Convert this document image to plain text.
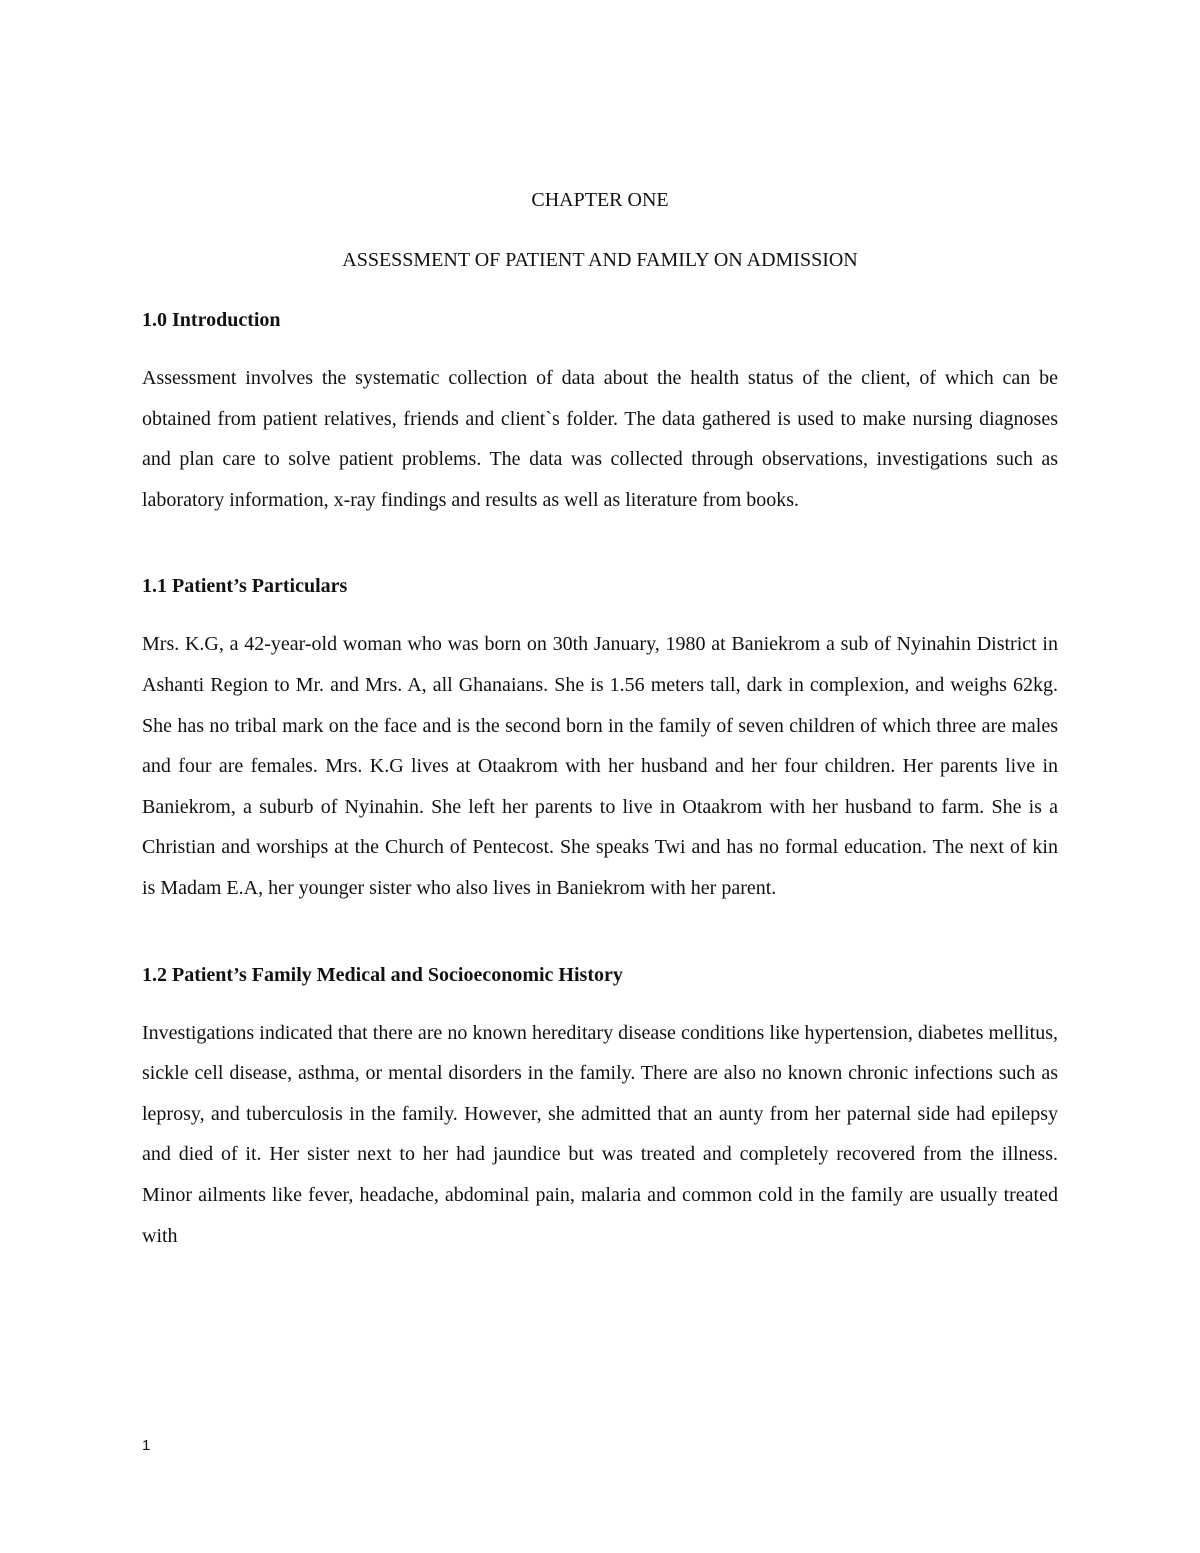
CHAPTER ONE
ASSESSMENT OF PATIENT AND FAMILY ON ADMISSION
1.0 Introduction

Assessment involves the systematic collection of data about the health status of the client, of which can be obtained from patient relatives, friends and client`s folder. The data gathered is used to make nursing diagnoses and plan care to solve patient problems. The data was collected through observations, investigations such as laboratory information, x-ray findings and results as well as literature from books.

1.1 Patient’s Particulars

Mrs. K.G, a 42-year-old woman who was born on 30th January, 1980 at Baniekrom a sub of Nyinahin District in Ashanti Region to Mr. and Mrs. A, all Ghanaians. She is 1.56 meters tall, dark in complexion, and weighs 62kg. She has no tribal mark on the face and is the second born in the family of seven children of which three are males and four are females. Mrs. K.G lives at Otaakrom with her husband and her four children. Her parents live in Baniekrom, a suburb of Nyinahin. She left her parents to live in Otaakrom with her husband to farm. She is a Christian and worships at the Church of Pentecost. She speaks Twi and has no formal education. The next of kin is Madam E.A, her younger sister who also lives in Baniekrom with her parent.

1.2 Patient’s Family Medical and Socioeconomic History

Investigations indicated that there are no known hereditary disease conditions like hypertension, diabetes mellitus, sickle cell disease, asthma, or mental disorders in the family. There are also no known chronic infections such as leprosy, and tuberculosis in the family. However, she admitted that an aunty from her paternal side had epilepsy and died of it. Her sister next to her had jaundice but was treated and completely recovered from the illness. Minor ailments like fever, headache, abdominal pain, malaria and common cold in the family are usually treated with

1
